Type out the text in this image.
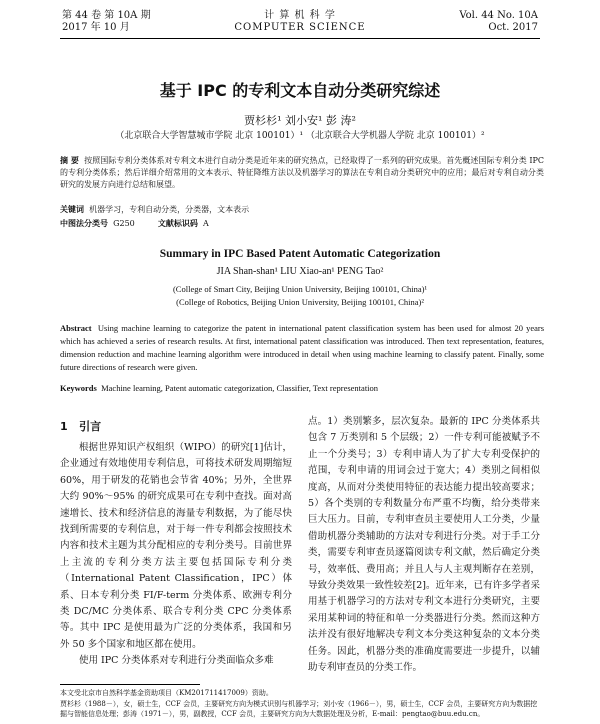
第 44 卷 第 10A 期
2017 年 10 月
计 算 机 科 学
COMPUTER SCIENCE
Vol. 44 No. 10A
Oct. 2017
基于 IPC 的专利文本自动分类研究综述
贾杉杉¹ 刘小安¹ 彭 涛²
（北京联合大学智慧城市学院 北京 100101）¹ （北京联合大学机器人学院 北京 100101）²
摘 要 按照国际专利分类体系对专利文本进行自动分类是近年来的研究热点，已经取得了一系列的研究成果。首先概述国际专利分类 IPC 的专利分类体系；然后详细介绍常用的文本表示、特征降维方法以及机器学习的算法在专利自动分类研究中的应用；最后对专利自动分类研究的发展方向进行总结和展望。
关键词 机器学习，专利自动分类，分类器，文本表示
中图法分类号 G250	文献标识码 A
Summary in IPC Based Patent Automatic Categorization
JIA Shan-shan¹ LIU Xiao-an¹ PENG Tao²
(College of Smart City, Beijing Union University, Beijing 100101, China)¹
(College of Robotics, Beijing Union University, Beijing 100101, China)²
Abstract Using machine learning to categorize the patent in international patent classification system has been used for almost 20 years which has achieved a series of research results. At first, international patent classification was introduced. Then text representation, features, dimension reduction and machine learning algorithm were introduced in detail when using machine learning to classify patent. Finally, some future directions of research were given.
Keywords Machine learning, Patent automatic categorization, Classifier, Text representation
1 引言
根据世界知识产权组织（WIPO）的研究[1]估计，企业通过有效地使用专利信息，可将技术研发周期缩短 60%，用于研发的花销也会节省 40%；另外，全世界大约 90%～95% 的研究成果可在专利中查找。面对高速增长、技术和经济信息的海量专利数据，为了能尽快找到所需要的专利信息，对于每一件专利都会按照技术内容和技术主题为其分配相应的专利分类号。目前世界上主流的专利分类方法主要包括国际专利分类（International Patent Classification，IPC）体系、日本专利分类 FI/F-term 分类体系、欧洲专利分类 DC/MC 分类体系、联合专利分类 CPC 分类体系等。其中 IPC 是使用最为广泛的分类体系，我国和另外 50 多个国家和地区都在使用。
使用 IPC 分类体系对专利进行分类面临众多难
点。1）类别繁多，层次复杂。最新的 IPC 分类体系共包含 7 万类别和 5 个层级；2）一件专利可能被赋予不止一个分类号；3）专利申请人为了扩大专利受保护的范围，专利申请的用词会过于宽大；4）类别之间相似度高，从而对分类使用特征的表达能力提出较高要求；5）各个类别的专利数量分布严重不均衡，给分类带来巨大压力。目前，专利审查员主要使用人工分类，少量借助机器分类辅助的方法对专利进行分类。对于手工分类，需要专利审查员逐篇阅读专利文献，然后确定分类号，效率低、费用高；并且人与人主观判断存在差别，导致分类效果一致性较差[2]。近年来，已有许多学者采用基于机器学习的方法对专利文本进行分类研究，主要采用某种词的特征和单一分类器进行分类。然而这种方法并没有很好地解决专利文本分类这种复杂的文本分类任务。因此，机器分类的准确度需要进一步提升，以辅助专利审查员的分类工作。
本文受北京市自然科学基金资助项目（KM201711417009）资助。
贾杉杉（1988－），女，硕士生，CCF 会员，主要研究方向为模式识别与机器学习；刘小安（1966－），男，硕士生，CCF 会员，主要研究方向为数据挖掘与智能信息处理；彭涛（1971－），男，副教授，CCF 会员，主要研究方向为大数据处理及分析，E-mail：pengtao@buu.edu.cn。
